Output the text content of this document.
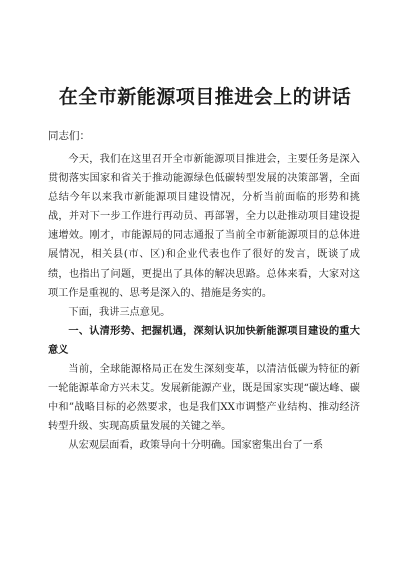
在全市新能源项目推进会上的讲话
同志们：

今天，我们在这里召开全市新能源项目推进会，主要任务是深入贯彻落实国家和省关于推动能源绿色低碳转型发展的决策部署，全面总结今年以来我市新能源项目建设情况，分析当前面临的形势和挑战，并对下一步工作进行再动员、再部署，全力以赴推动项目建设提速增效。刚才，市能源局的同志通报了当前全市新能源项目的总体进展情况，相关县(市、区)和企业代表也作了很好的发言，既谈了成绩，也指出了问题，更提出了具体的解决思路。总体来看，大家对这项工作是重视的、思考是深入的、措施是务实的。

下面，我讲三点意见。

一、认清形势、把握机遇，深刻认识加快新能源项目建设的重大意义

当前，全球能源格局正在发生深刻变革，以清洁低碳为特征的新一轮能源革命方兴未艾。发展新能源产业，既是国家实现“碳达峰、碳中和”战略目标的必然要求，也是我们XX市调整产业结构、推动经济转型升级、实现高质量发展的关键之举。

从宏观层面看，政策导向十分明确。国家密集出台了一系
